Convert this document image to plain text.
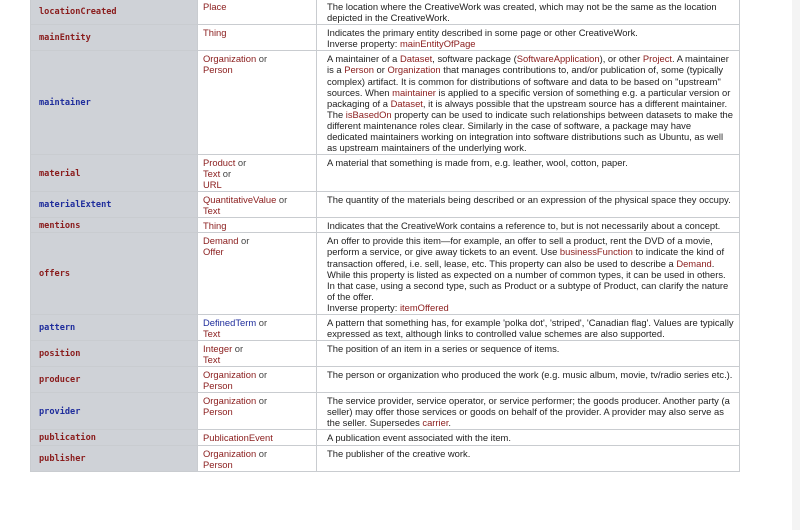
locationCreated	Place	The location where the CreativeWork was created, which may not be the same as the location depicted in the CreativeWork.
mainEntity	Thing	Indicates the primary entity described in some page or other CreativeWork.
Inverse property: mainEntityOfPage
maintainer	Organization or
Person	A maintainer of a Dataset, software package (SoftwareApplication), or other Project. A maintainer is a Person or Organization that manages contributions to, and/or publication of, some (typically complex) artifact. It is common for distributions of software and data to be based on "upstream" sources. When maintainer is applied to a specific version of something e.g. a particular version or packaging of a Dataset, it is always possible that the upstream source has a different maintainer. The isBasedOn property can be used to indicate such relationships between datasets to make the different maintenance roles clear. Similarly in the case of software, a package may have dedicated maintainers working on integration into software distributions such as Ubuntu, as well as upstream maintainers of the underlying work.
material	Product or
Text or
URL	A material that something is made from, e.g. leather, wool, cotton, paper.
materialExtent	QuantitativeValue or
Text	The quantity of the materials being described or an expression of the physical space they occupy.
mentions	Thing	Indicates that the CreativeWork contains a reference to, but is not necessarily about a concept.
offers	Demand or
Offer	An offer to provide this item—for example, an offer to sell a product, rent the DVD of a movie, perform a service, or give away tickets to an event. Use businessFunction to indicate the kind of transaction offered, i.e. sell, lease, etc. This property can also be used to describe a Demand. While this property is listed as expected on a number of common types, it can be used in others. In that case, using a second type, such as Product or a subtype of Product, can clarify the nature of the offer.
Inverse property: itemOffered
pattern	DefinedTerm or
Text	A pattern that something has, for example 'polka dot', 'striped', 'Canadian flag'. Values are typically expressed as text, although links to controlled value schemes are also supported.
position	Integer or
Text	The position of an item in a series or sequence of items.
producer	Organization or
Person	The person or organization who produced the work (e.g. music album, movie, tv/radio series etc.).
provider	Organization or
Person	The service provider, service operator, or service performer; the goods producer. Another party (a seller) may offer those services or goods on behalf of the provider. A provider may also serve as the seller. Supersedes carrier.
publication	PublicationEvent	A publication event associated with the item.
publisher	Organization or
Person	The publisher of the creative work.
